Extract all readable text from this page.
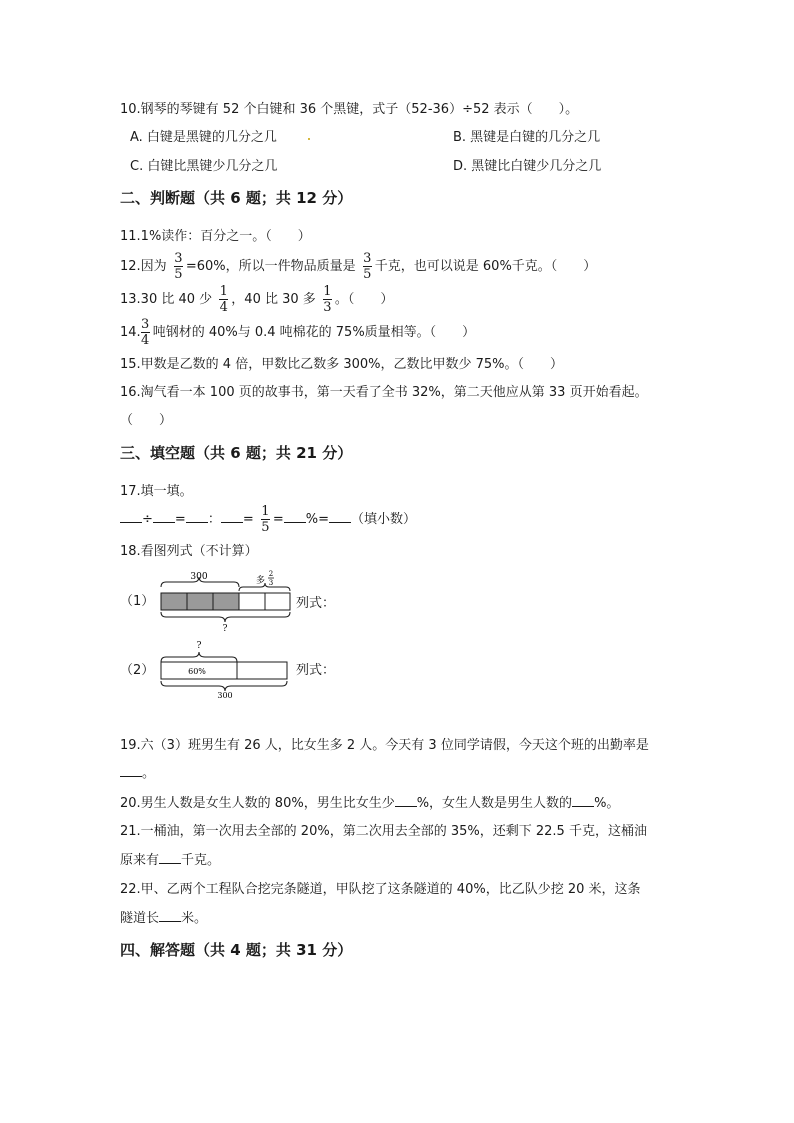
10.钢琴的琴键有 52 个白键和 36 个黑键，式子（52-36）÷52 表示（　　）。
A. 白键是黑键的几分之几	B. 黑键是白键的几分之几
C. 白键比黑键少几分之几	D. 黑键比白键少几分之几
二、判断题（共 6 题；共 12 分）
11.1%读作：百分之一。（　　）
12.因为 $\frac{3}{5} =60\%$，所以一件物品质量是 $\frac{3}{5}$ 千克，也可以说是 60%千克。（　　）
13.30 比 40 少 $\frac{1}{4}$ ，40 比 30 多 $\frac{1}{3}$ 。（　　）
14. $\frac{3}{4}$ 吨钢材的 40%与 0.4 吨棉花的 75%质量相等。（　　）
15.甲数是乙数的 4 倍，甲数比乙数多 300%，乙数比甲数少 75%。（　　）
16.淘气看一本 100 页的故事书，第一天看了全书 32%，第二天他应从第 33 页开始看起。
（　　）
三、填空题（共 6 题；共 21 分）
17.填一填。
÷ = ： = $\frac{1}{5}$ = %= （填小数）
18.看图列式（不计算）
（1）
300	多
2
3
?
列式：
（2）
?
60%
300
列式：
19.六（3）班男生有 26 人，比女生多 2 人。今天有 3 位同学请假，今天这个班的出勤率是
。
20.男生人数是女生人数的 80%，男生比女生少 %，女生人数是男生人数的 %。
21.一桶油，第一次用去全部的 20%，第二次用去全部的 35%，还剩下 22.5 千克，这桶油
原来有 千克。
22.甲、乙两个工程队合挖完条隧道，甲队挖了这条隧道的 40%，比乙队少挖 20 米，这条
隧道长 米。
四、解答题（共 4 题；共 31 分）
